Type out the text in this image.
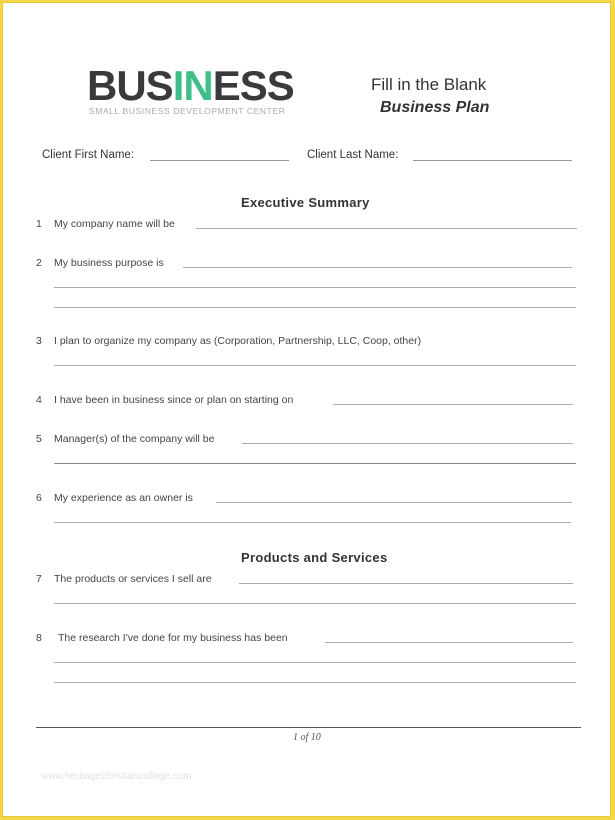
BUSINESS
SMALL BUSINESS DEVELOPMENT CENTER
Fill in the Blank
Business Plan
Client First Name:	Client Last Name:
Executive Summary
1 My company name will be
2 My business purpose is
3 I plan to organize my company as (Corporation, Partnership, LLC, Coop, other)
4 I have been in business since or plan on starting on
5 Manager(s) of the company will be
6 My experience as an owner is
Products and Services
7 The products or services I sell are
8 The research I've done for my business has been
1 of 10
www.heritagechristiancollege.com
